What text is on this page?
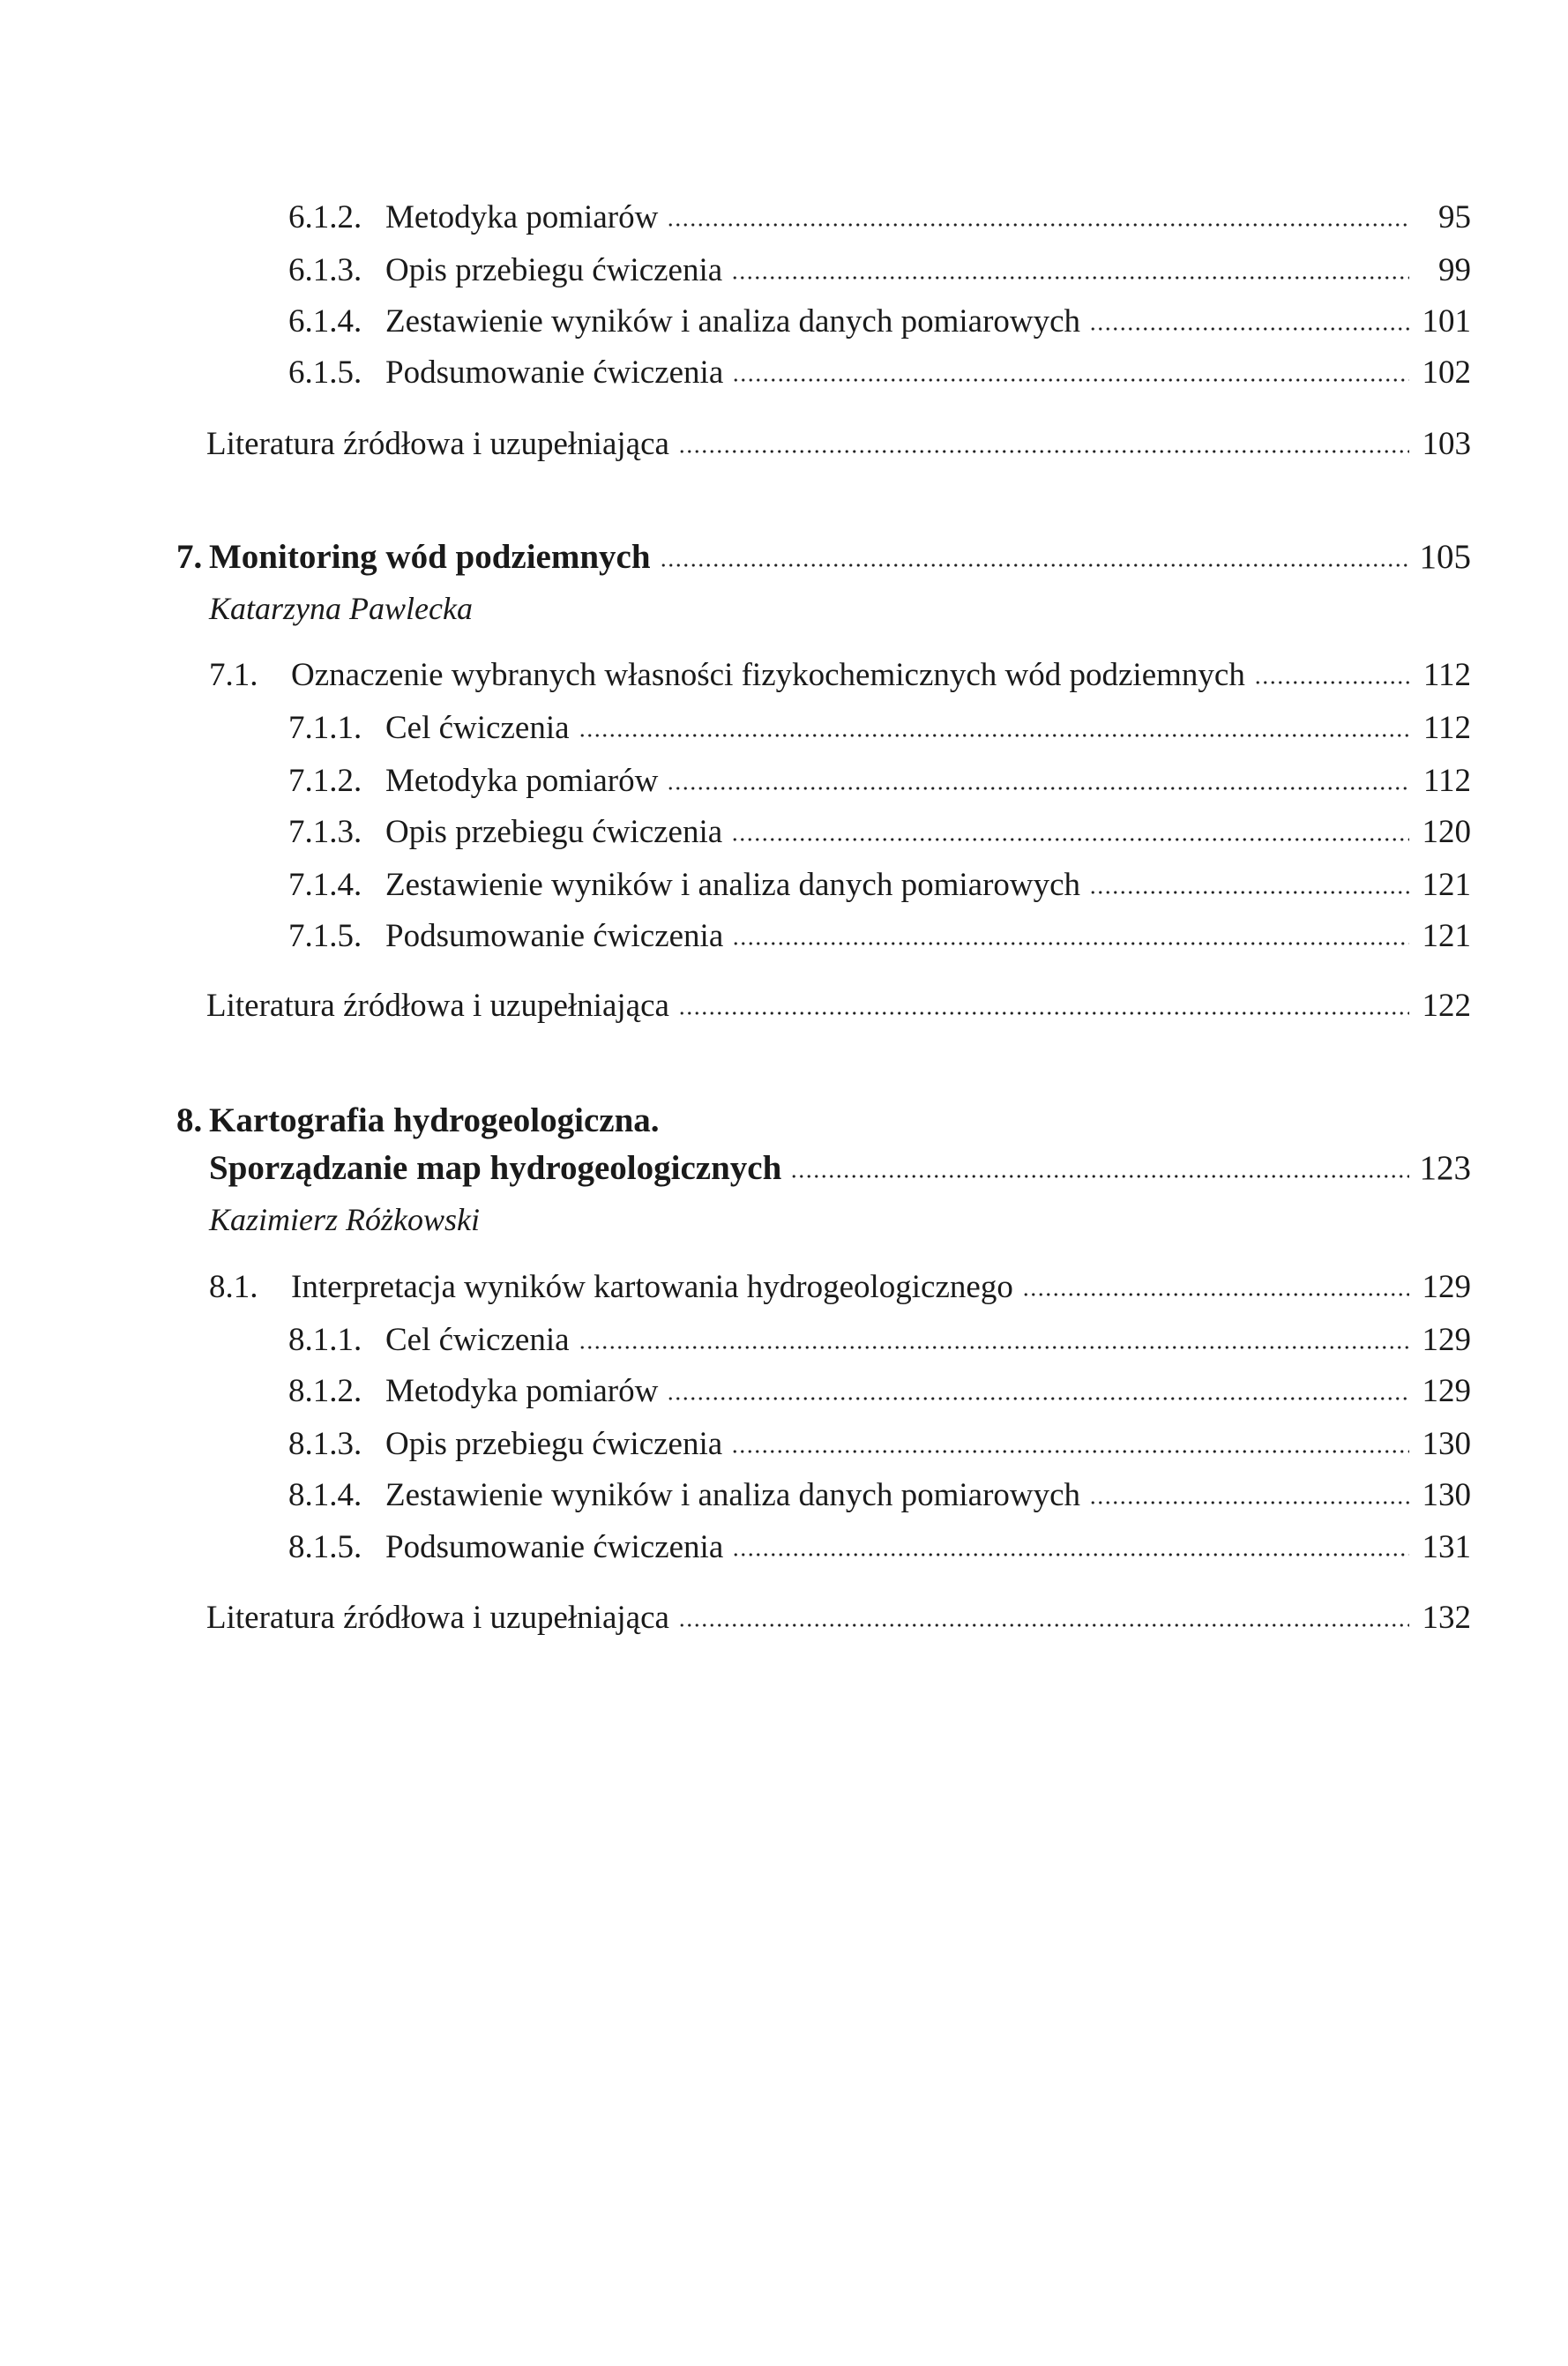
6.1.2. Metodyka pomiarów	95
6.1.3. Opis przebiegu ćwiczenia	99
6.1.4. Zestawienie wyników i analiza danych pomiarowych	101
6.1.5. Podsumowanie ćwiczenia	102
Literatura źródłowa i uzupełniająca	103
7. Monitoring wód podziemnych	105
Katarzyna Pawlecka
7.1.	Oznaczenie wybranych własności fizykochemicznych wód podziemnych	112
7.1.1. Cel ćwiczenia	112
7.1.2. Metodyka pomiarów	112
7.1.3. Opis przebiegu ćwiczenia	120
7.1.4. Zestawienie wyników i analiza danych pomiarowych	121
7.1.5. Podsumowanie ćwiczenia	121
Literatura źródłowa i uzupełniająca	122
8. Kartografia hydrogeologiczna.
Sporządzanie map hydrogeologicznych	123
Kazimierz Różkowski
8.1.	Interpretacja wyników kartowania hydrogeologicznego	129
8.1.1. Cel ćwiczenia	129
8.1.2. Metodyka pomiarów	129
8.1.3. Opis przebiegu ćwiczenia	130
8.1.4. Zestawienie wyników i analiza danych pomiarowych	130
8.1.5. Podsumowanie ćwiczenia	131
Literatura źródłowa i uzupełniająca	132
